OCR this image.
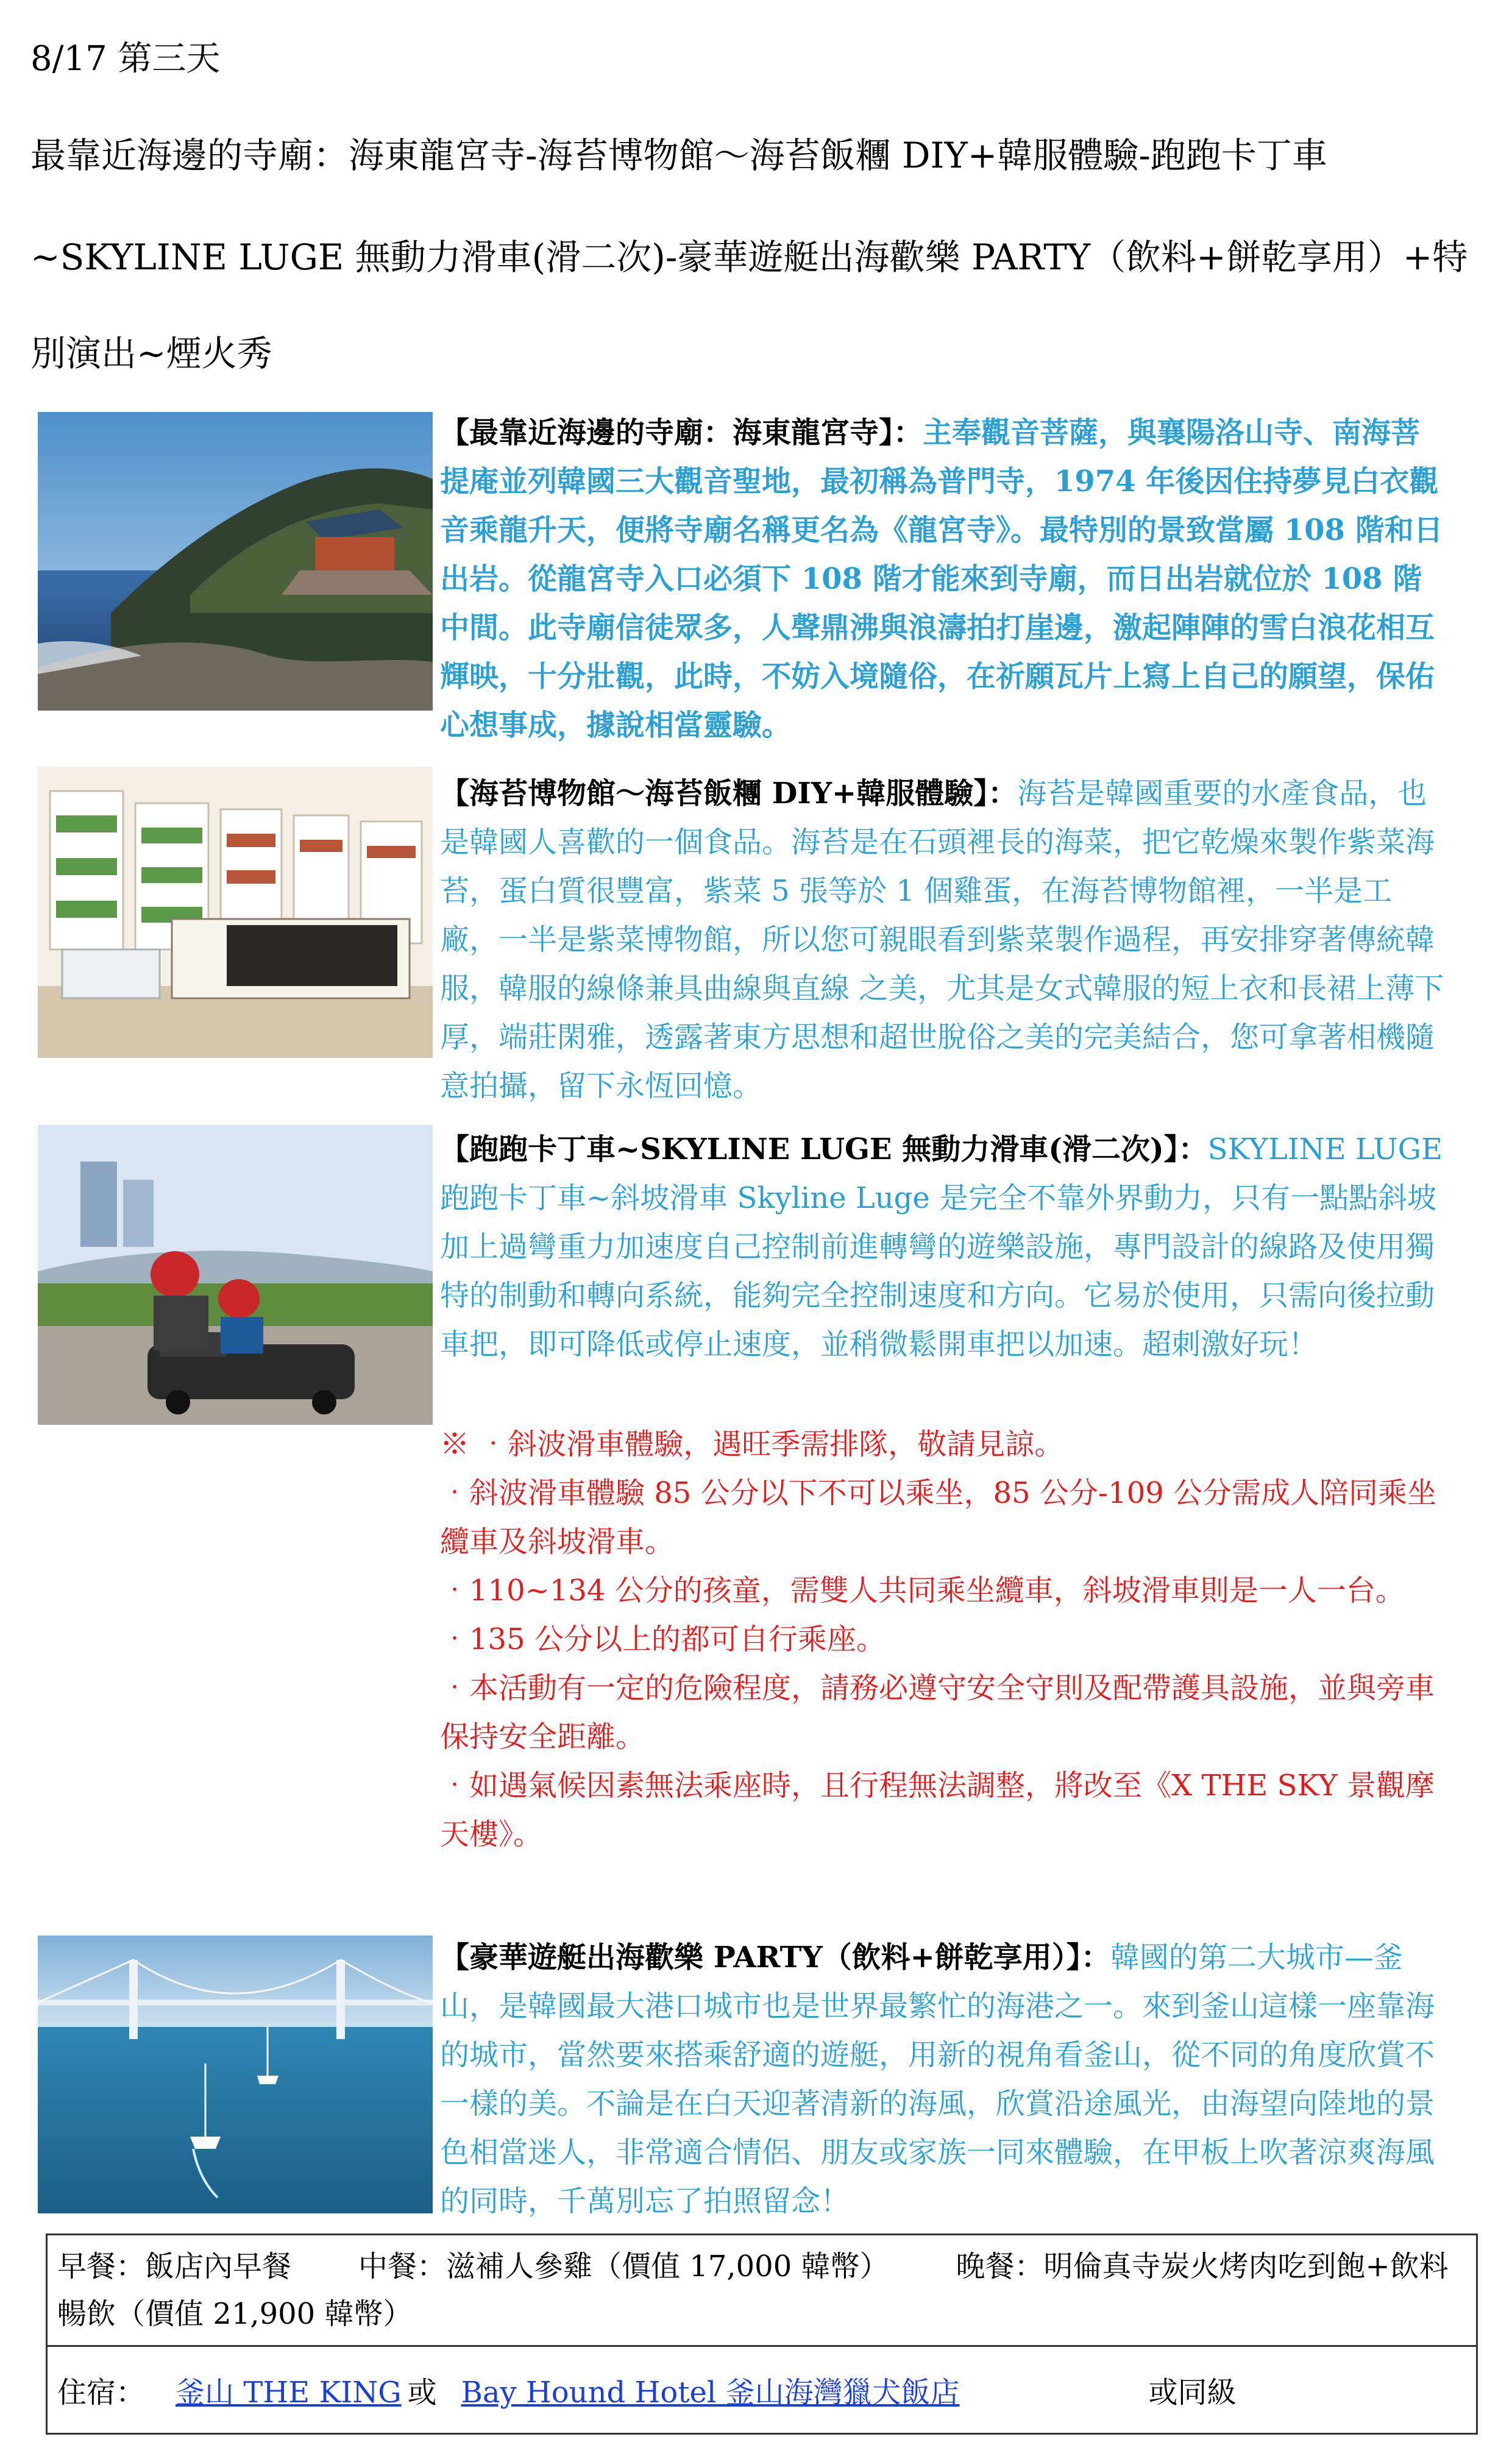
8/17 第三天
最靠近海邊的寺廟：海東龍宮寺-海苔博物館～海苔飯糰 DIY+韓服體驗-跑跑卡丁車
~SKYLINE LUGE 無動力滑車(滑二次)-豪華遊艇出海歡樂 PARTY（飲料+餅乾享用）+特
別演出~煙火秀
【最靠近海邊的寺廟：海東龍宮寺】：主奉觀音菩薩，與襄陽洛山寺、南海菩提庵並列韓國三大觀音聖地，最初稱為普門寺，1974 年後因住持夢見白衣觀音乘龍升天，便將寺廟名稱更名為《龍宮寺》。最特別的景致當屬 108 階和日出岩。從龍宮寺入口必須下 108 階才能來到寺廟，而日出岩就位於 108 階中間。此寺廟信徒眾多，人聲鼎沸與浪濤拍打崖邊，激起陣陣的雪白浪花相互輝映，十分壯觀，此時，不妨入境隨俗，在祈願瓦片上寫上自己的願望，保佑心想事成，據說相當靈驗。
【海苔博物館～海苔飯糰 DIY+韓服體驗】：海苔是韓國重要的水產食品，也是韓國人喜歡的一個食品。海苔是在石頭裡長的海菜，把它乾燥來製作紫菜海苔，蛋白質很豐富，紫菜 5 張等於 1 個雞蛋，在海苔博物館裡，一半是工廠，一半是紫菜博物館，所以您可親眼看到紫菜製作過程，再安排穿著傳統韓服，韓服的線條兼具曲線與直線 之美，尤其是女式韓服的短上衣和長裙上薄下厚，端莊閑雅，透露著東方思想和超世脫俗之美的完美結合，您可拿著相機隨意拍攝，留下永恆回憶。
【跑跑卡丁車~SKYLINE LUGE 無動力滑車(滑二次)】：SKYLINE LUGE 跑跑卡丁車~斜坡滑車 Skyline Luge 是完全不靠外界動力，只有一點點斜坡加上過彎重力加速度自己控制前進轉彎的遊樂設施，專門設計的線路及使用獨特的制動和轉向系統，能夠完全控制速度和方向。它易於使用，只需向後拉動車把，即可降低或停止速度，並稍微鬆開車把以加速。超刺激好玩！
※ ‧斜波滑車體驗，遇旺季需排隊，敬請見諒。
‧斜波滑車體驗 85 公分以下不可以乘坐，85 公分-109 公分需成人陪同乘坐纜車及斜坡滑車。
‧110~134 公分的孩童，需雙人共同乘坐纜車，斜坡滑車則是一人一台。
‧135 公分以上的都可自行乘座。
‧本活動有一定的危險程度，請務必遵守安全守則及配帶護具設施，並與旁車保持安全距離。
‧如遇氣候因素無法乘座時，且行程無法調整，將改至《X THE SKY 景觀摩天樓》。
【豪華遊艇出海歡樂 PARTY（飲料+餅乾享用）】：韓國的第二大城市—釜山，是韓國最大港口城市也是世界最繁忙的海港之一。來到釜山這樣一座靠海的城市，當然要來搭乘舒適的遊艇，用新的視角看釜山，從不同的角度欣賞不一樣的美。不論是在白天迎著清新的海風，欣賞沿途風光，由海望向陸地的景色相當迷人，非常適合情侶、朋友或家族一同來體驗，在甲板上吹著涼爽海風的同時，千萬別忘了拍照留念！
早餐：飯店內早餐 中餐：滋補人參雞（價值 17,000 韓幣） 晚餐：明倫真寺炭火烤肉吃到飽+飲料暢飲（價值 21,900 韓幣）
住宿： 釜山 THE KING 或 Bay Hound Hotel 釜山海灣獵犬飯店	或同級
